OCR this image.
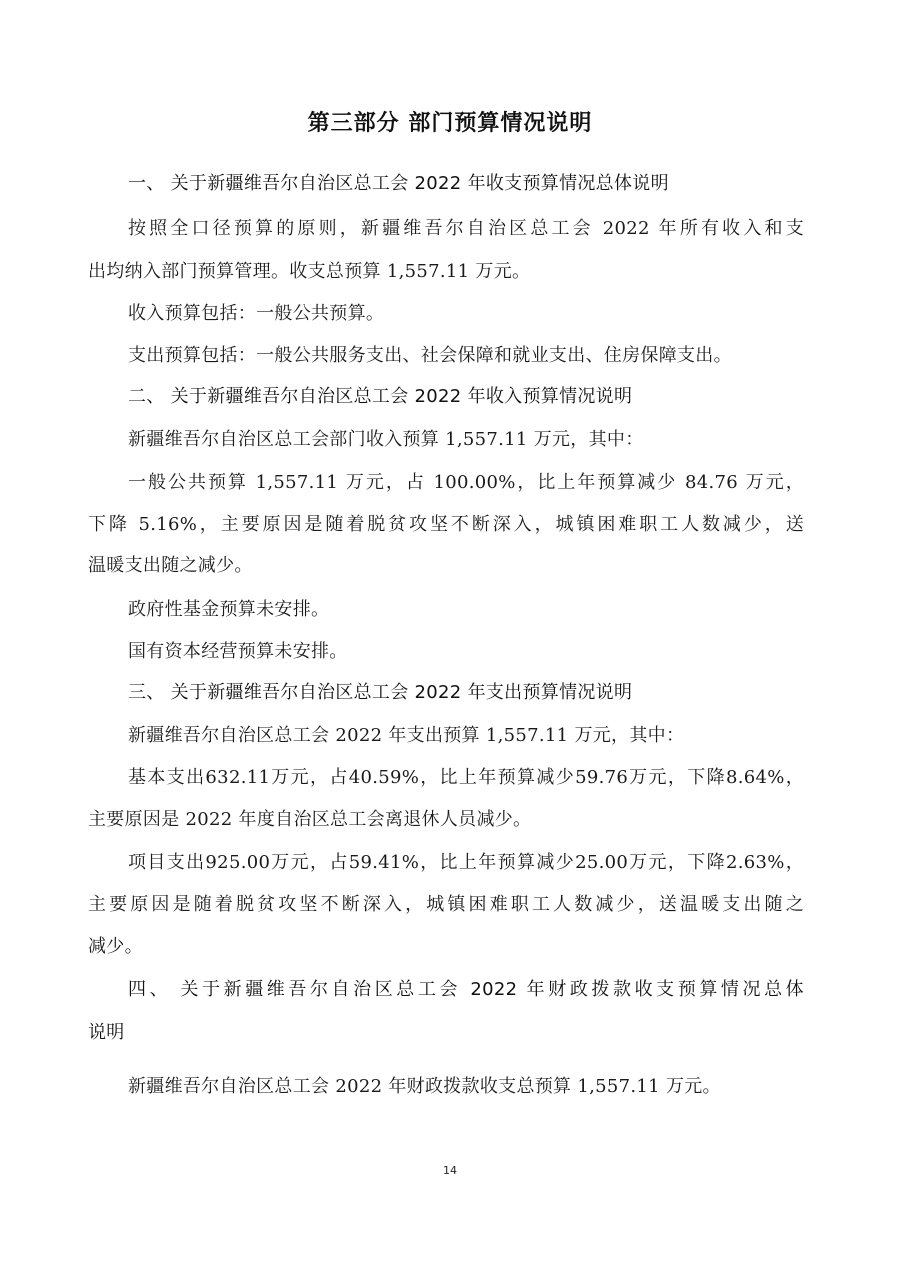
第三部分 部门预算情况说明
一、 关于新疆维吾尔自治区总工会 2022 年收支预算情况总体说明
按照全口径预算的原则，新疆维吾尔自治区总工会 2022 年所有收入和支
出均纳入部门预算管理。收支总预算 1,557.11 万元。
收入预算包括：一般公共预算。
支出预算包括：一般公共服务支出、社会保障和就业支出、住房保障支出。
二、 关于新疆维吾尔自治区总工会 2022 年收入预算情况说明
新疆维吾尔自治区总工会部门收入预算 1,557.11 万元，其中：
一般公共预算 1,557.11 万元，占 100.00%，比上年预算减少 84.76 万元，
下降 5.16%，主要原因是随着脱贫攻坚不断深入，城镇困难职工人数减少，送
温暖支出随之减少。
政府性基金预算未安排。
国有资本经营预算未安排。
三、 关于新疆维吾尔自治区总工会 2022 年支出预算情况说明
新疆维吾尔自治区总工会 2022 年支出预算 1,557.11 万元，其中：
基本支出632.11万元，占40.59%，比上年预算减少59.76万元，下降8.64%，
主要原因是 2022 年度自治区总工会离退休人员减少。
项目支出925.00万元，占59.41%，比上年预算减少25.00万元，下降2.63%，
主要原因是随着脱贫攻坚不断深入，城镇困难职工人数减少，送温暖支出随之
减少。
四、 关于新疆维吾尔自治区总工会 2022 年财政拨款收支预算情况总体
说明
新疆维吾尔自治区总工会 2022 年财政拨款收支总预算 1,557.11 万元。
14
